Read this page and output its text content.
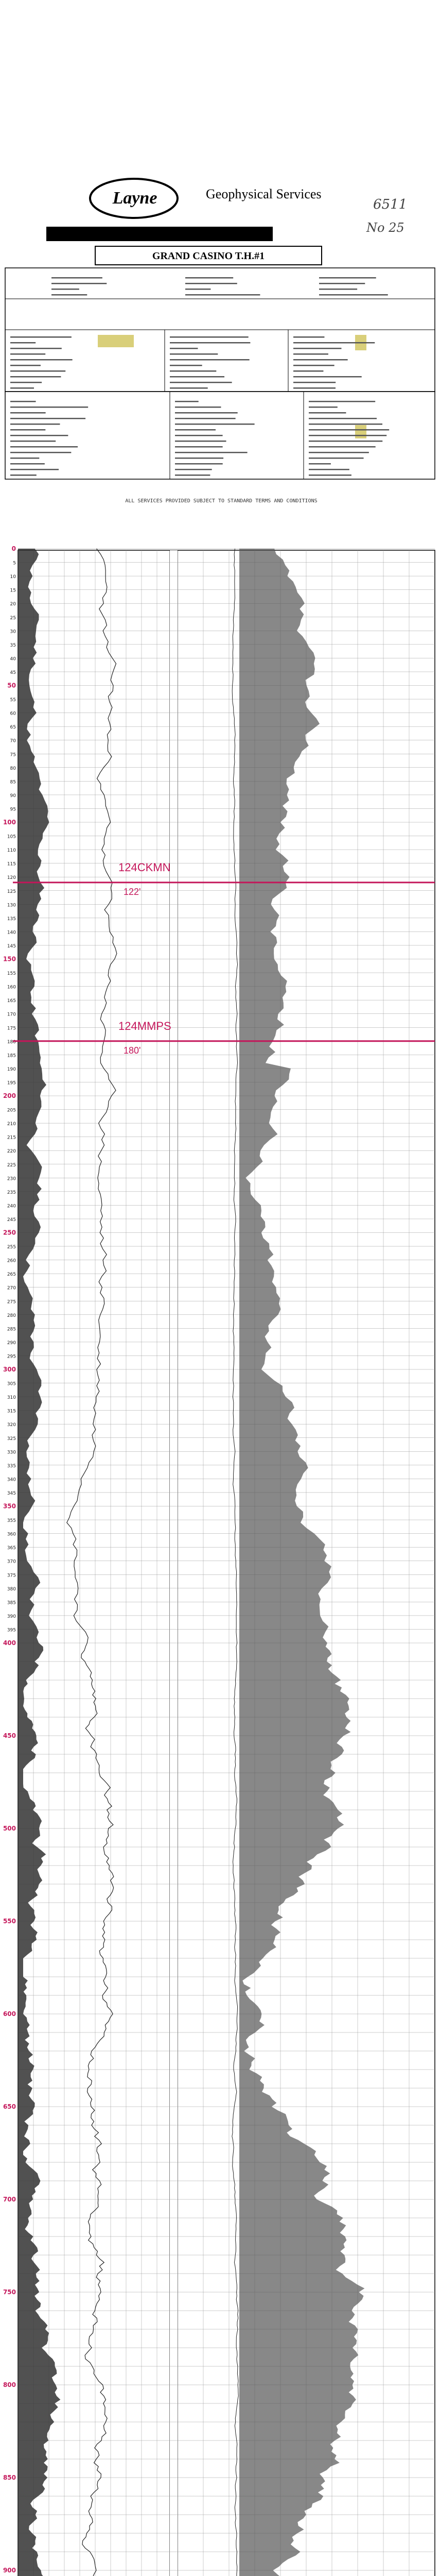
Layne	Geophysical Services
6511
No 25
GRAND CASINO T.H.#1
ALL SERVICES PROVIDED SUBJECT TO STANDARD TERMS AND CONDITIONS
0
5
10
15
20
25
30
35
40
45
50
55
60
65
70
75
80
85
90
95
100
105
110
115
120
125
130
135
140
145
150
155
160
165
170
175
180
185
190
195
200
205
210
215
220
225
230
235
240
245
250
255
260
265
270
275
280
285
290
295
300
305
310
315
320
325
330
335
340
345
350
355
360
365
370
375
380
385
390
395
400
450
500
550
600
650
700
750
800
850
900
124CKMN
122'
124MMPS
180'
